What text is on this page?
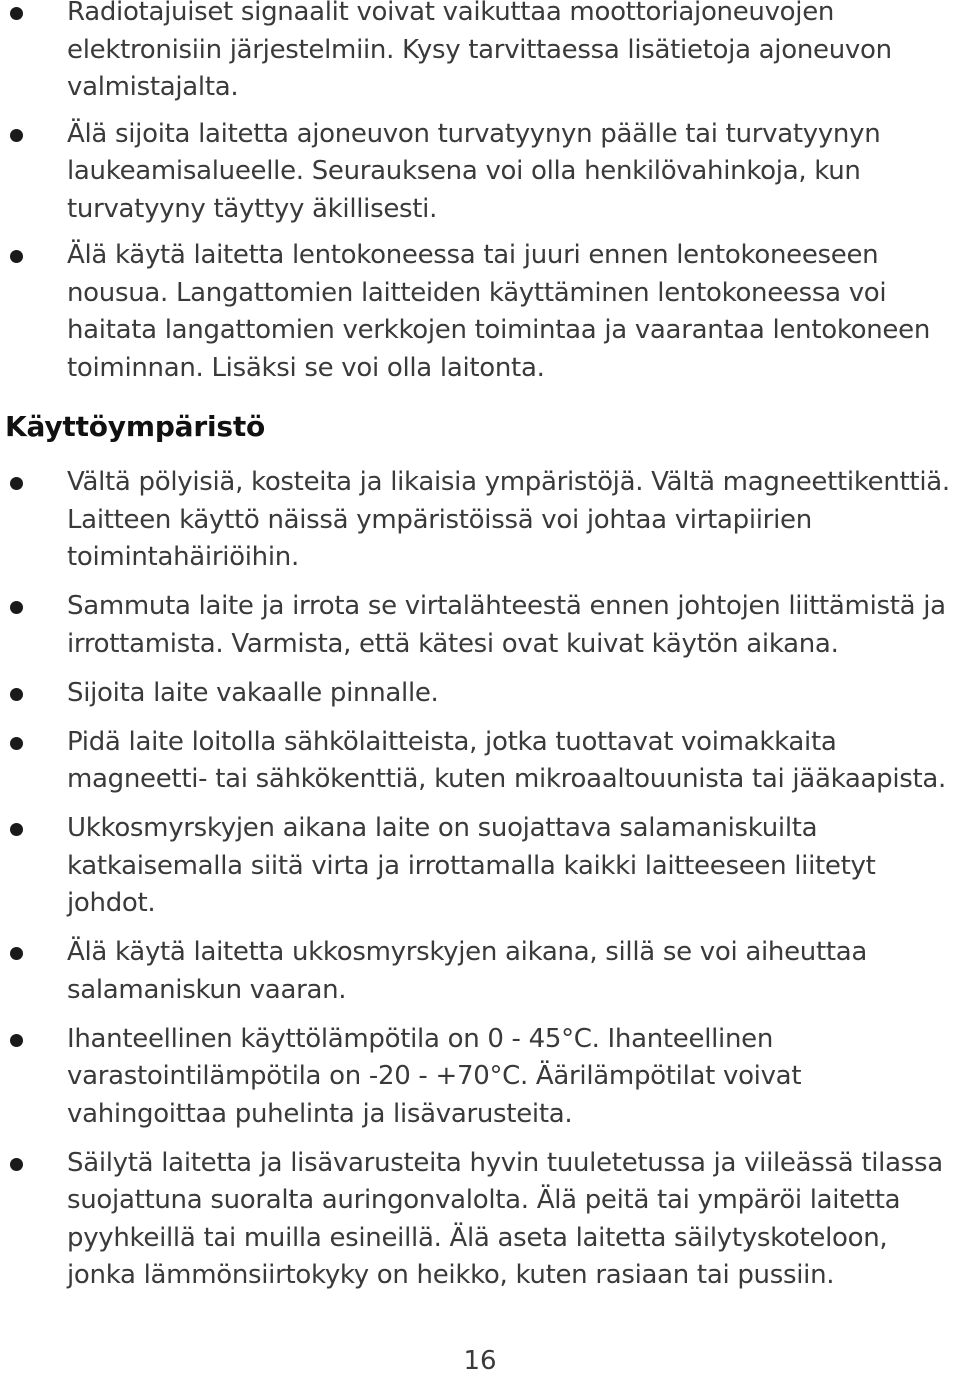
Radiotajuiset signaalit voivat vaikuttaa moottoriajoneuvojen elektronisiin järjestelmiin. Kysy tarvittaessa lisätietoja ajoneuvon valmistajalta.
Älä sijoita laitetta ajoneuvon turvatyynyn päälle tai turvatyynyn laukeamisalueelle. Seurauksena voi olla henkilövahinkoja, kun turvatyyny täyttyy äkillisesti.
Älä käytä laitetta lentokoneessa tai juuri ennen lentokoneeseen nousua. Langattomien laitteiden käyttäminen lentokoneessa voi haitata langattomien verkkojen toimintaa ja vaarantaa lentokoneen toiminnan. Lisäksi se voi olla laitonta.
Käyttöympäristö
Vältä pölyisiä, kosteita ja likaisia ympäristöjä. Vältä magneettikenttiä. Laitteen käyttö näissä ympäristöissä voi johtaa virtapiirien toimintahäiriöihin.
Sammuta laite ja irrota se virtalähteestä ennen johtojen liittämistä ja irrottamista. Varmista, että kätesi ovat kuivat käytön aikana.
Sijoita laite vakaalle pinnalle.
Pidä laite loitolla sähkölaitteista, jotka tuottavat voimakkaita magneetti- tai sähkökenttiä, kuten mikroaaltouunista tai jääkaapista.
Ukkosmyrskyjen aikana laite on suojattava salamaniskuilta katkaisemalla siitä virta ja irrottamalla kaikki laitteeseen liitetyt johdot.
Älä käytä laitetta ukkosmyrskyjen aikana, sillä se voi aiheuttaa salamaniskun vaaran.
Ihanteellinen käyttölämpötila on 0 - 45°C. Ihanteellinen varastointilämpötila on -20 - +70°C. Äärilämpötilat voivat vahingoittaa puhelinta ja lisävarusteita.
Säilytä laitetta ja lisävarusteita hyvin tuuletetussa ja viileässä tilassa suojattuna suoralta auringonvalolta. Älä peitä tai ympäröi laitetta pyyhkeillä tai muilla esineillä. Älä aseta laitetta säilytyskoteloon, jonka lämmönsiirtokyky on heikko, kuten rasiaan tai pussiin.
16
